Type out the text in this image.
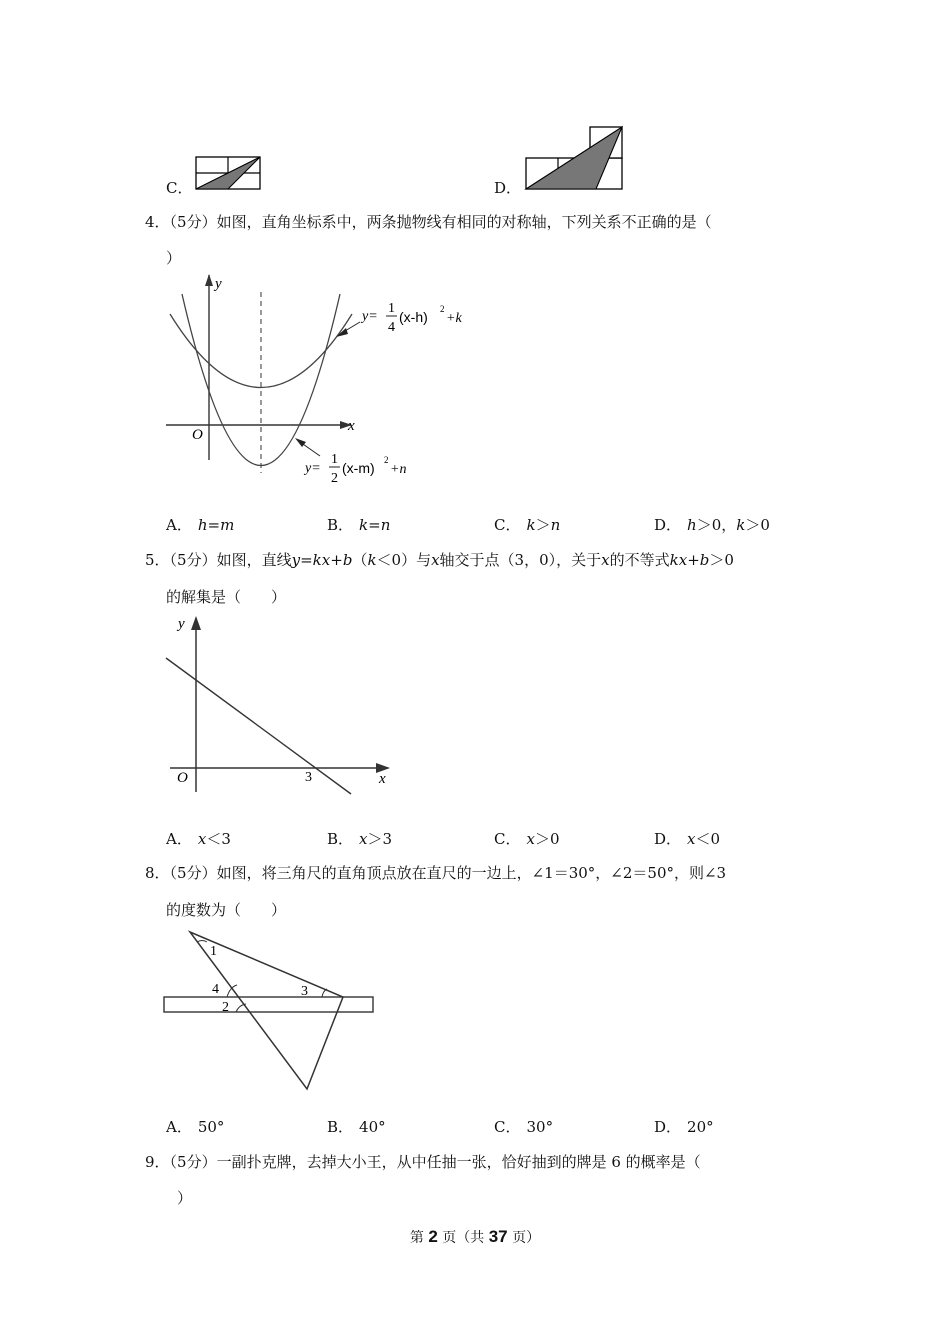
C．	D．
4．（5分）如图，直角坐标系中，两条抛物线有相同的对称轴，下列关系不正确的是（
）
y
x
O
y=
1
4
(x-h) 2
+k
y=
1
2
(x-m) 2
+n
A． h=m	B． k=n	C． k＞n	D． h＞0，k＞0
5．（5分）如图，直线y=kx+b（k＜0）与x轴交于点（3，0），关于x的不等式kx+b＞0
的解集是（　　）
y
x
O	3
A． x＜3	B． x＞3	C． x＞0	D． x＜0
8．（5分）如图，将三角尺的直角顶点放在直尺的一边上，∠1＝30°，∠2＝50°，则∠3
的度数为（　　）
1
4
2
3
A． 50°	B． 40°	C． 30°	D． 20°
9．（5分）一副扑克牌，去掉大小王，从中任抽一张，恰好抽到的牌是 6 的概率是（
）
第 2 页（共 37 页）
